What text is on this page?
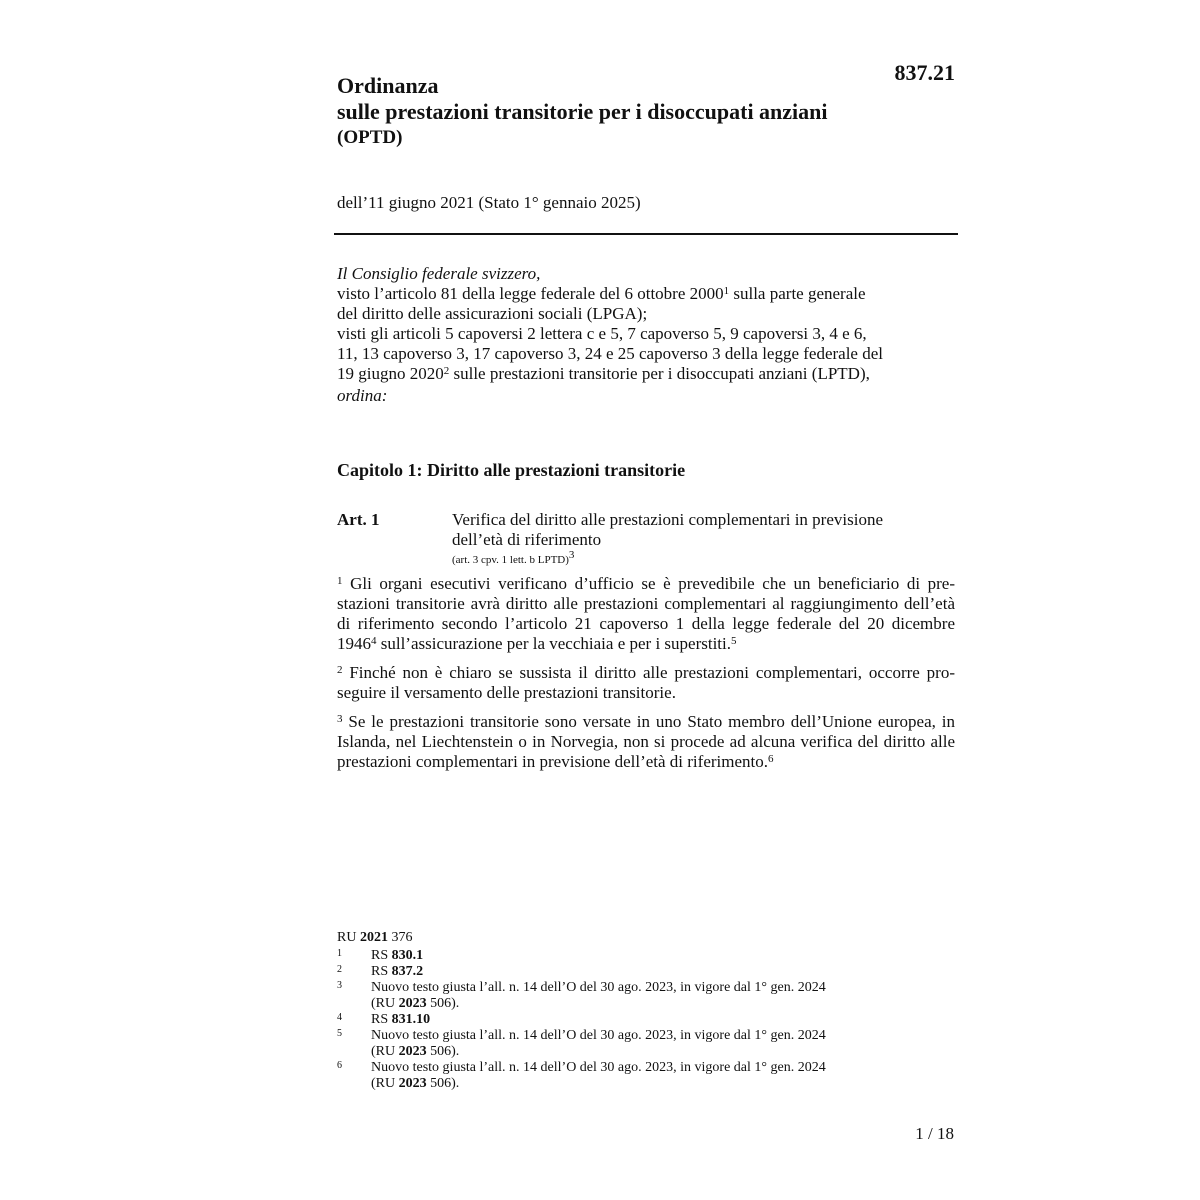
837.21
Ordinanza
sulle prestazioni transitorie per i disoccupati anziani
(OPTD)
dell’11 giugno 2021 (Stato 1° gennaio 2025)
Il Consiglio federale svizzero,
visto l’articolo 81 della legge federale del 6 ottobre 2000$^1$ sulla parte generale
del diritto delle assicurazioni sociali (LPGA);
visti gli articoli 5 capoversi 2 lettera c e 5, 7 capoverso 5, 9 capoversi 3, 4 e 6,
11, 13 capoverso 3, 17 capoverso 3, 24 e 25 capoverso 3 della legge federale del
19 giugno 2020$^2$ sulle prestazioni transitorie per i disoccupati anziani (LPTD),
ordina:
Capitolo 1: Diritto alle prestazioni transitorie
Art. 1	Verifica del diritto alle prestazioni complementari in previsione
dell’età di riferimento
(art. 3 cpv. 1 lett. b LPTD)$^3$
$^1$ Gli organi esecutivi verificano d’ufficio se è prevedibile che un beneficiario di pre-stazioni transitorie avrà diritto alle prestazioni complementari al raggiungimento dell’età di riferimento secondo l’articolo 21 capoverso 1 della legge federale del 20 dicembre 1946$^4$ sull’assicurazione per la vecchiaia e per i superstiti.$^5$
$^2$ Finché non è chiaro se sussista il diritto alle prestazioni complementari, occorre pro-seguire il versamento delle prestazioni transitorie.
$^3$ Se le prestazioni transitorie sono versate in uno Stato membro dell’Unione europea, in Islanda, nel Liechtenstein o in Norvegia, non si procede ad alcuna verifica del diritto alle prestazioni complementari in previsione dell’età di riferimento.$^6$
RU 2021 376
1	RS 830.1
2	RS 837.2
3	Nuovo testo giusta l’all. n. 14 dell’O del 30 ago. 2023, in vigore dal 1° gen. 2024
(RU 2023 506).
4	RS 831.10
5	Nuovo testo giusta l’all. n. 14 dell’O del 30 ago. 2023, in vigore dal 1° gen. 2024
(RU 2023 506).
6	Nuovo testo giusta l’all. n. 14 dell’O del 30 ago. 2023, in vigore dal 1° gen. 2024
(RU 2023 506).
1 / 18
